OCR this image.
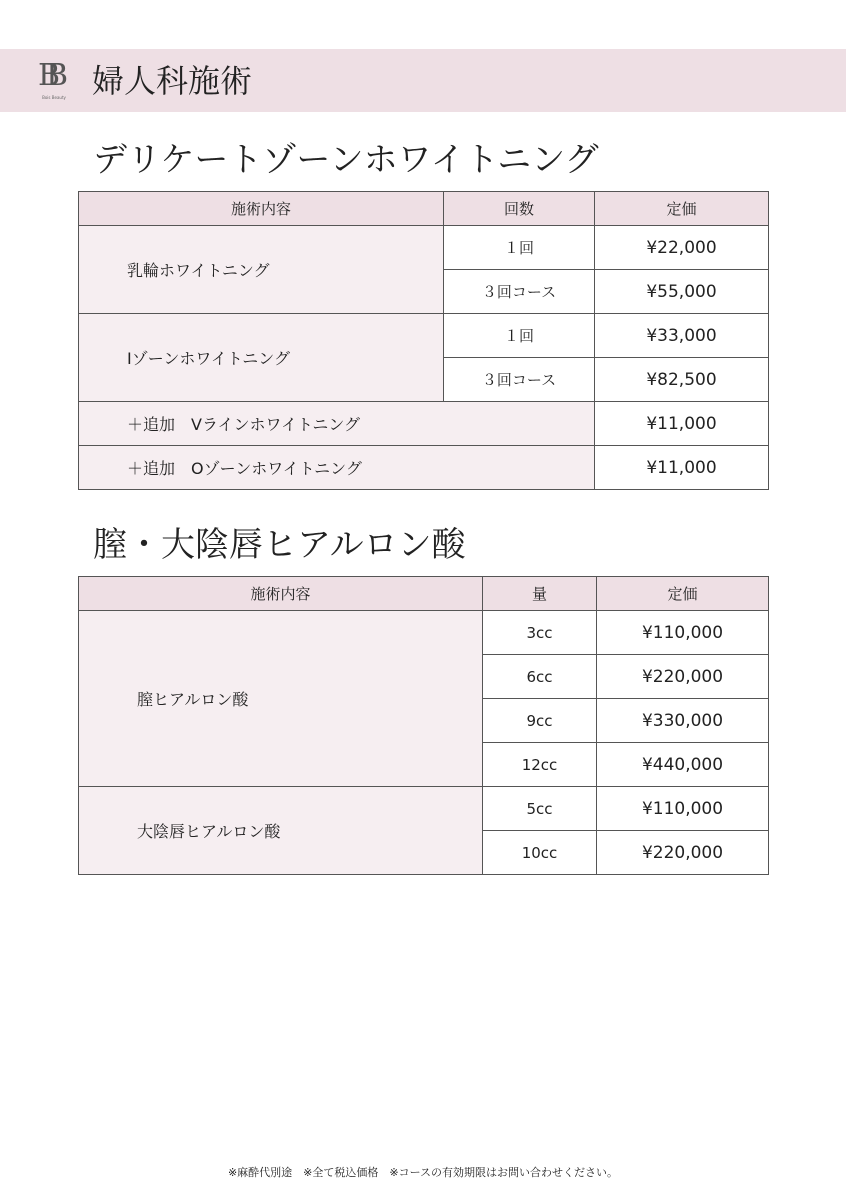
BB
Bois Beauty 婦人科施術
デリケートゾーンホワイトニング
施術内容	回数	定価
乳輪ホワイトニング	１回	¥22,000
	３回コース	¥55,000
Iゾーンホワイトニング	１回	¥33,000
	３回コース	¥82,500
＋追加　Vラインホワイトニング		¥11,000
＋追加　Oゾーンホワイトニング		¥11,000
膣・大陰唇ヒアルロン酸
施術内容	量	定価
膣ヒアルロン酸	3cc	¥110,000
	6cc	¥220,000
	9cc	¥330,000
	12cc	¥440,000
大陰唇ヒアルロン酸	5cc	¥110,000
	10cc	¥220,000
※麻酔代別途　※全て税込価格　※コースの有効期限はお問い合わせください。
